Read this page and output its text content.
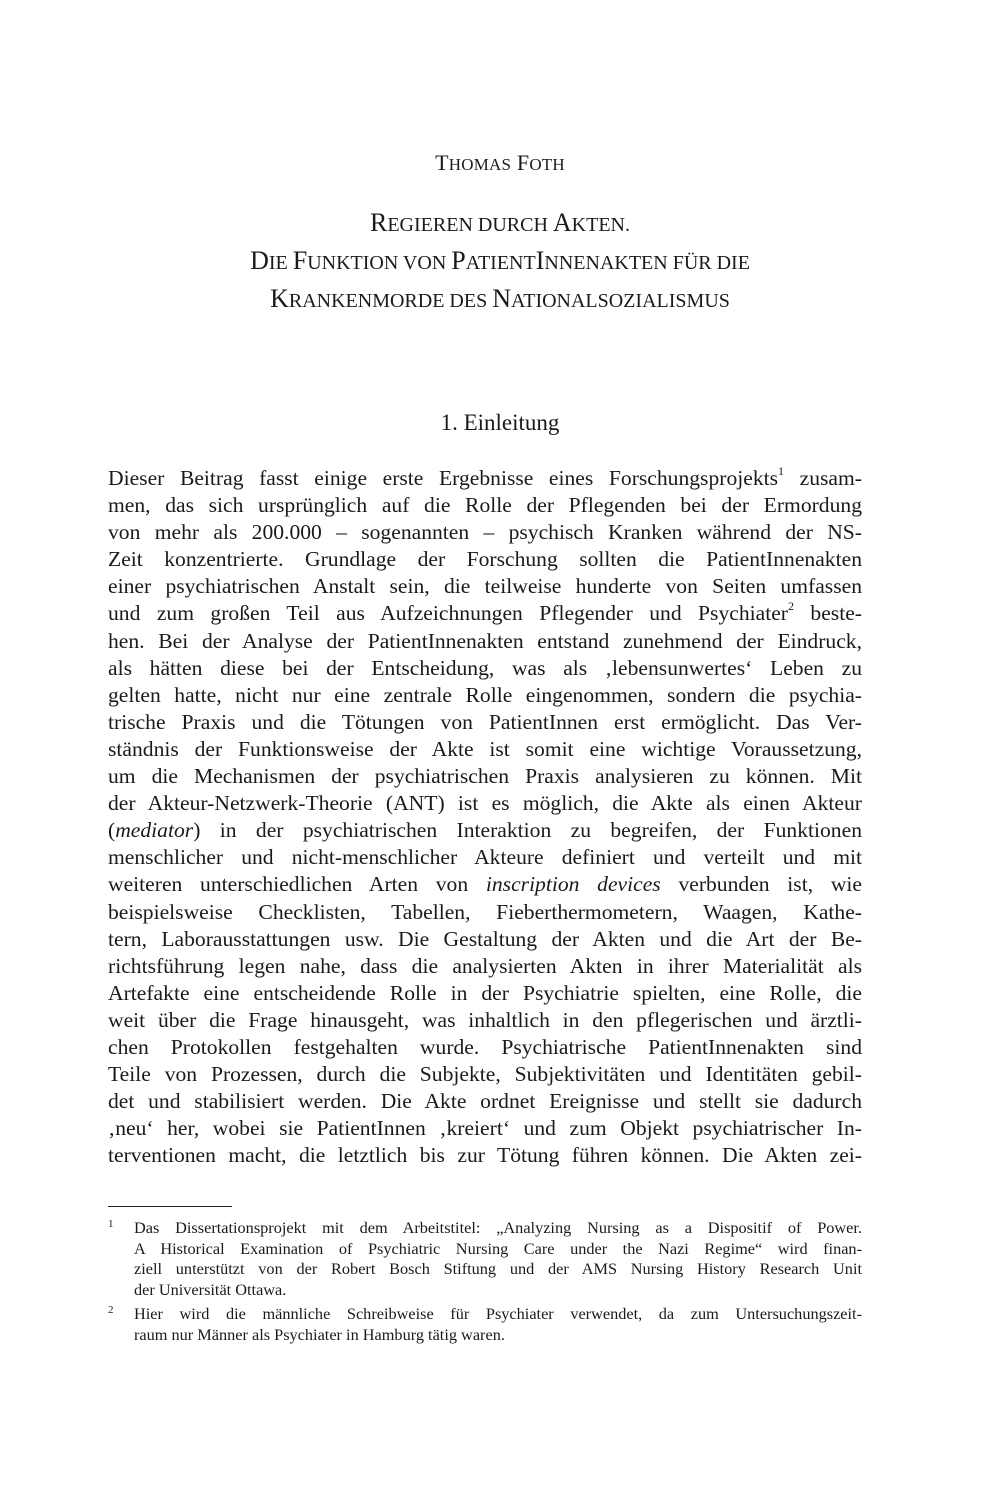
THOMAS FOTH

REGIEREN DURCH AKTEN.
DIE FUNKTION VON PATIENTINNENAKTEN FÜR DIE
KRANKENMORDE DES NATIONALSOZIALISMUS
1. Einleitung
Dieser Beitrag fasst einige erste Ergebnisse eines Forschungsprojekts$^1$ zusam-
men, das sich ursprünglich auf die Rolle der Pflegenden bei der Ermordung
von mehr als 200.000 – sogenannten – psychisch Kranken während der NS-
Zeit konzentrierte. Grundlage der Forschung sollten die PatientInnenakten
einer psychiatrischen Anstalt sein, die teilweise hunderte von Seiten umfassen
und zum großen Teil aus Aufzeichnungen Pflegender und Psychiater$^2$ beste-
hen. Bei der Analyse der PatientInnenakten entstand zunehmend der Eindruck,
als hätten diese bei der Entscheidung, was als ‚lebensunwertes‘ Leben zu
gelten hatte, nicht nur eine zentrale Rolle eingenommen, sondern die psychia-
trische Praxis und die Tötungen von PatientInnen erst ermöglicht. Das Ver-
ständnis der Funktionsweise der Akte ist somit eine wichtige Voraussetzung,
um die Mechanismen der psychiatrischen Praxis analysieren zu können. Mit
der Akteur-Netzwerk-Theorie (ANT) ist es möglich, die Akte als einen Akteur
(mediator) in der psychiatrischen Interaktion zu begreifen, der Funktionen
menschlicher und nicht-menschlicher Akteure definiert und verteilt und mit
weiteren unterschiedlichen Arten von inscription devices verbunden ist, wie
beispielsweise Checklisten, Tabellen, Fieberthermometern, Waagen, Kathe-
tern, Laborausstattungen usw. Die Gestaltung der Akten und die Art der Be-
richtsführung legen nahe, dass die analysierten Akten in ihrer Materialität als
Artefakte eine entscheidende Rolle in der Psychiatrie spielten, eine Rolle, die
weit über die Frage hinausgeht, was inhaltlich in den pflegerischen und ärztli-
chen Protokollen festgehalten wurde. Psychiatrische PatientInnenakten sind
Teile von Prozessen, durch die Subjekte, Subjektivitäten und Identitäten gebil-
det und stabilisiert werden. Die Akte ordnet Ereignisse und stellt sie dadurch
‚neu‘ her, wobei sie PatientInnen ‚kreiert‘ und zum Objekt psychiatrischer In-
terventionen macht, die letztlich bis zur Tötung führen können. Die Akten zei-
1 Das Dissertationsprojekt mit dem Arbeitstitel: „Analyzing Nursing as a Dispositif of Power.
A Historical Examination of Psychiatric Nursing Care under the Nazi Regime“ wird finan-
ziell unterstützt von der Robert Bosch Stiftung und der AMS Nursing History Research Unit
der Universität Ottawa.
2 Hier wird die männliche Schreibweise für Psychiater verwendet, da zum Untersuchungszeit-
raum nur Männer als Psychiater in Hamburg tätig waren.
